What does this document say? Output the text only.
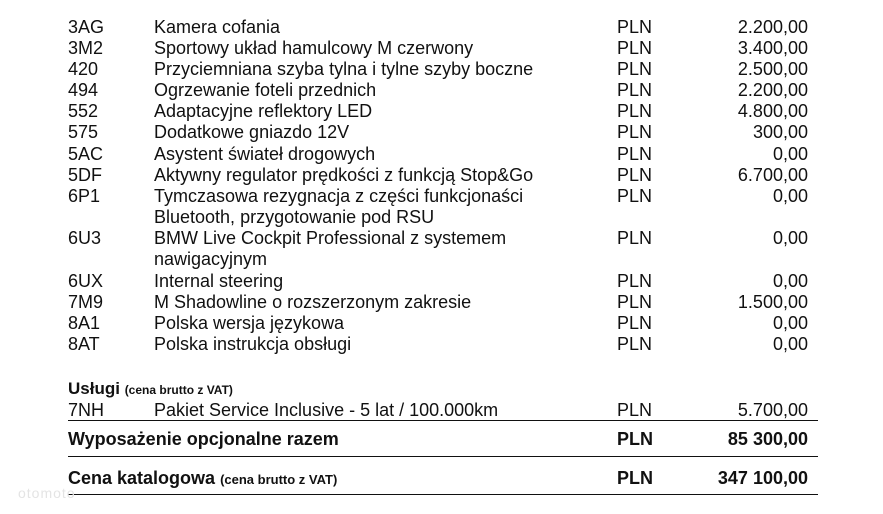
3AG	Kamera cofania	PLN	2.200,00
3M2	Sportowy układ hamulcowy M czerwony	PLN	3.400,00
420	Przyciemniana szyba tylna i tylne szyby boczne	PLN	2.500,00
494	Ogrzewanie foteli przednich	PLN	2.200,00
552	Adaptacyjne reflektory LED	PLN	4.800,00
575	Dodatkowe gniazdo 12V	PLN	300,00
5AC	Asystent świateł drogowych	PLN	0,00
5DF	Aktywny regulator prędkości z funkcją Stop&Go	PLN	6.700,00
6P1	Tymczasowa rezygnacja z części funkcjonaści	PLN	0,00
Bluetooth, przygotowanie pod RSU
6U3	BMW Live Cockpit Professional z systemem	PLN	0,00
nawigacyjnym
6UX	Internal steering	PLN	0,00
7M9	M Shadowline o rozszerzonym zakresie	PLN	1.500,00
8A1	Polska wersja językowa	PLN	0,00
8AT	Polska instrukcja obsługi	PLN	0,00
Usługi (cena brutto z VAT)
7NH	Pakiet Service Inclusive - 5 lat / 100.000km	PLN	5.700,00
Wyposażenie opcjonalne razem	PLN	85 300,00
Cena katalogowa (cena brutto z VAT)	PLN	347 100,00
otomoto
